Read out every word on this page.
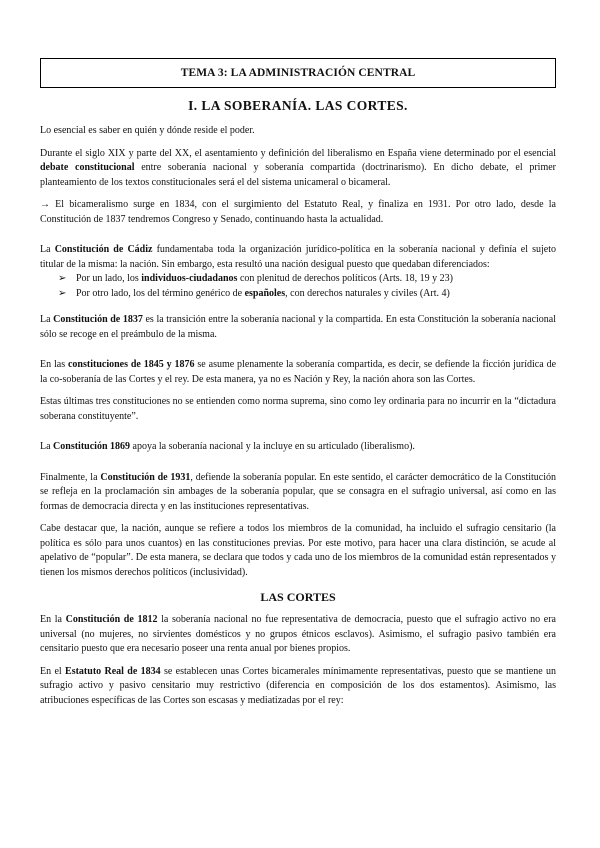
TEMA 3: LA ADMINISTRACIÓN CENTRAL
I. LA SOBERANÍA. LAS CORTES.

Lo esencial es saber en quién y dónde reside el poder.

Durante el siglo XIX y parte del XX, el asentamiento y definición del liberalismo en España viene determinado por el esencial debate constitucional entre soberanía nacional y soberanía compartida (doctrinarismo). En dicho debate, el primer planteamiento de los textos constitucionales será el del sistema unicameral o bicameral.

→ El bicameralismo surge en 1834, con el surgimiento del Estatuto Real, y finaliza en 1931. Por otro lado, desde la Constitución de 1837 tendremos Congreso y Senado, continuando hasta la actualidad.

La Constitución de Cádiz fundamentaba toda la organización jurídico-política en la soberanía nacional y definía el sujeto titular de la misma: la nación. Sin embargo, esta resultó una nación desigual puesto que quedaban diferenciados:

➢ Por un lado, los individuos-ciudadanos con plenitud de derechos políticos (Arts. 18, 19 y 23)
➢ Por otro lado, los del término genérico de españoles, con derechos naturales y civiles (Art. 4)

La Constitución de 1837 es la transición entre la soberanía nacional y la compartida. En esta Constitución la soberanía nacional sólo se recoge en el preámbulo de la misma.

En las constituciones de 1845 y 1876 se asume plenamente la soberanía compartida, es decir, se defiende la ficción jurídica de la co-soberanía de las Cortes y el rey. De esta manera, ya no es Nación y Rey, la nación ahora son las Cortes.

Estas últimas tres constituciones no se entienden como norma suprema, sino como ley ordinaria para no incurrir en la “dictadura soberana constituyente”.

La Constitución 1869 apoya la soberanía nacional y la incluye en su articulado (liberalismo).

Finalmente, la Constitución de 1931, defiende la soberanía popular. En este sentido, el carácter democrático de la Constitución se refleja en la proclamación sin ambages de la soberanía popular, que se consagra en el sufragio universal, así como en las formas de democracia directa y en las instituciones representativas.

Cabe destacar que, la nación, aunque se refiere a todos los miembros de la comunidad, ha incluido el sufragio censitario (la política es sólo para unos cuantos) en las constituciones previas. Por este motivo, para hacer una clara distinción, se acude al apelativo de “popular”. De esta manera, se declara que todos y cada uno de los miembros de la comunidad están representados y tienen los mismos derechos políticos (inclusividad).

LAS CORTES

En la Constitución de 1812 la soberanía nacional no fue representativa de democracia, puesto que el sufragio activo no era universal (no mujeres, no sirvientes domésticos y no grupos étnicos esclavos). Asimismo, el sufragio pasivo también era censitario puesto que era necesario poseer una renta anual por bienes propios.

En el Estatuto Real de 1834 se establecen unas Cortes bicamerales mínimamente representativas, puesto que se mantiene un sufragio activo y pasivo censitario muy restrictivo (diferencia en composición de los dos estamentos). Asimismo, las atribuciones específicas de las Cortes son escasas y mediatizadas por el rey:
